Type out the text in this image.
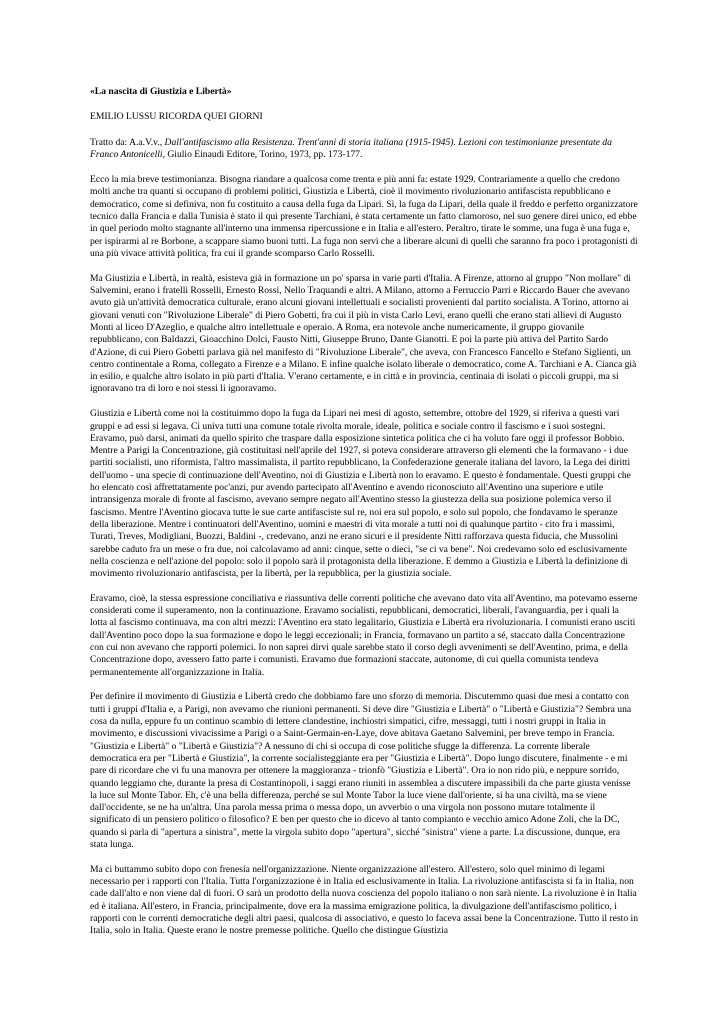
«La nascita di Giustizia e Libertà»

EMILIO LUSSU RICORDA QUEI GIORNI

Tratto da: A.a.V.v., Dall'antifascismo alla Resistenza. Trent'anni di storia italiana (1915-1945). Lezioni con testimonianze presentate da Franco Antonicelli, Giulio Einaudi Editore, Torino, 1973, pp. 173-177.

Ecco la mia breve testimonianza. Bisogna riandare a qualcosa come trenta e più anni fa: estate 1929. Contrariamente a quello che credono molti anche tra quanti si occupano di problemi politici, Giustizia e Libertà, cioè il movimento rivoluzionario antifascista repubblicano e democratico, come si definiva, non fu costituito a causa della fuga da Lipari. Sì, la fuga da Lipari, della quale il freddo e perfetto organizzatore tecnico dalla Francia e dalla Tunisia è stato il qui presente Tarchiani, è stata certamente un fatto clamoroso, nel suo genere direi unico, ed ebbe in quel periodo molto stagnante all'interno una immensa ripercussione e in Italia e all'estero. Peraltro, tirate le somme, una fuga è una fuga e, per ispirarmi al re Borbone, a scappare siamo buoni tutti. La fuga non servì che a liberare alcuni di quelli che saranno fra poco i protagonisti di una più vivace attività politica, fra cui il grande scomparso Carlo Rosselli.

Ma Giustizia e Libertà, in realtà, esisteva già in formazione un po' sparsa in varie parti d'Italia. A Firenze, attorno al gruppo "Non mollare" di Salvemini, erano i fratelli Rosselli, Ernesto Rossi, Nello Traquandi e altri. A Milano, attorno a Ferruccio Parri e Riccardo Bauer che avevano avuto già un'attività democratica culturale, erano alcuni giovani intellettuali e socialisti provenienti dal partito socialista. A Torino, attorno ai giovani venuti con "Rivoluzione Liberale" di Piero Gobetti, fra cui il più in vista Carlo Levi, erano quelli che erano stati allievi di Augusto Monti al liceo D'Azeglio, e qualche altro intellettuale e operaio. A Roma, era notevole anche numericamente, il gruppo giovanile repubblicano, con Baldazzi, Gioacchino Dolci, Fausto Nitti, Giuseppe Bruno, Dante Gianotti. E poi la parte più attiva del Partito Sardo d'Azione, di cui Piero Gobetti parlava già nel manifesto di "Rivoluzione Liberale", che aveva, con Francesco Fancello e Stefano Siglienti, un centro continentale a Roma, collegato a Firenze e a Milano. E infine qualche isolato liberale o democratico, come A. Tarchiani e A. Cianca già in esilio, e qualche altro isolato in più parti d'Italia. V'erano certamente, e in città e in provincia, centinaia di isolati o piccoli gruppi, ma si ignoravano tra di loro e noi stessi li ignoravamo.

Giustizia e Libertà come noi la costituimmo dopo la fuga da Lipari nei mesi di agosto, settembre, ottobre del 1929, si riferiva a questi vari gruppi e ad essi si legava. Ci univa tutti una comune totale rivolta morale, ideale, politica e sociale contro il fascismo e i suoi sostegni. Eravamo, può darsi, animati da quello spirito che traspare dalla esposizione sintetica politica che ci ha voluto fare oggi il professor Bobbio. Mentre a Parigi la Concentrazione, già costituitasi nell'aprile del 1927, si poteva considerare attraverso gli elementi che la formavano - i due partiti socialisti, uno riformista, l'altro massimalista, il partito repubblicano, la Confederazione generale italiana del lavoro, la Lega dei diritti dell'uomo - una specie di continuazione dell'Aventino, noi di Giustizia e Libertà non lo eravamo. E questo è fondamentale. Questi gruppi che ho elencato così affrettatamente poc'anzi, pur avendo partecipato all'Aventino e avendo riconosciuto all'Aventino una superiore e utile intransigenza morale di fronte al fascismo, avevano sempre negato all'Aventino stesso la giustezza della sua posizione polemica verso il fascismo. Mentre l'Aventino giocava tutte le sue carte antifasciste sul re, noi era sul popolo, e solo sul popolo, che fondavamo le speranze della liberazione. Mentre i continuatori dell'Aventino, uomini e maestri di vita morale a tutti noi di qualunque partito - cito fra i massimi, Turati, Treves, Modigliani, Buozzi, Baldini -, credevano, anzi ne erano sicuri e il presidente Nitti rafforzava questa fiducia, che Mussolini sarebbe caduto fra un mese o fra due, noi calcolavamo ad anni: cinque, sette o dieci, "se ci va bene". Noi credevamo solo ed esclusivamente nella coscienza e nell'azione del popolo: solo il popolo sarà il protagonista della liberazione. E demmo a Giustizia e Libertà la definizione di movimento rivoluzionario antifascista, per la libertà, per la repubblica, per la giustizia sociale.

Eravamo, cioè, la stessa espressione conciliativa e riassuntiva delle correnti politiche che avevano dato vita all'Aventino, ma potevamo esserne considerati come il superamento, non la continuazione. Eravamo socialisti, repubblicani, democratici, liberali, l'avanguardia, per i quali la lotta al fascismo continuava, ma con altri mezzi: l'Aventino era stato legalitario, Giustizia e Libertà era rivoluzionaria. I comunisti erano usciti dall'Aventino poco dopo la sua formazione e dopo le leggi eccezionali; in Francia, formavano un partito a sé, staccato dalla Concentrazione con cui non avevano che rapporti polemici. Io non saprei dirvi quale sarebbe stato il corso degli avvenimenti se dell'Aventino, prima, e della Concentrazione dopo, avessero fatto parte i comunisti. Eravamo due formazioni staccate, autonome, di cui quella comunista tendeva permanentemente all'organizzazione in Italia.

Per definire il movimento di Giustizia e Libertà credo che dobbiamo fare uno sforzo di memoria. Discutemmo quasi due mesi a contatto con tutti i gruppi d'Italia e, a Parigi, non avevamo che riunioni permanenti. Si deve dire "Giustizia e Libertà" o "Libertà e Giustizia"? Sembra una cosa da nulla, eppure fu un continuo scambio di lettere clandestine, inchiostri simpatici, cifre, messaggi, tutti i nostri gruppi in Italia in movimento, e discussioni vivacissime a Parigi o a Saint-Germain-en-Laye, dove abitava Gaetano Salvemini, per breve tempo in Francia. "Giustizia e Libertà" o "Libertà e Giustizia"? A nessuno di chi si occupa di cose politiche sfugge la differenza. La corrente liberale democratica era per "Libertà e Giustizia", la corrente socialisteggiante era per "Giustizia e Libertà". Dopo lungo discutere, finalmente - e mi pare di ricordare che vi fu una manovra per ottenere la maggioranza - trionfò "Giustizia e Libertà". Ora io non rido più, e neppure sorrido, quando leggiamo che, durante la presa di Costantinopoli, i saggi erano riuniti in assemblea a discutere impassibili da che parte giusta venisse la luce sul Monte Tabor. Eh, c'è una bella differenza, perché se sul Monte Tabor la luce viene dall'oriente, si ha una civiltà, ma se viene dall'occidente, se ne ha un'altra. Una parola messa prima o messa dopo, un avverbio o una virgola non possono mutare totalmente il significato di un pensiero politico o filosofico? E ben per questo che io dicevo al tanto compianto e vecchio amico Adone Zoli, che la DC, quando si parla di "apertura a sinistra", mette la virgola subito dopo "apertura", sicché "sinistra" viene a parte. La discussione, dunque, era stata lunga.

Ma ci buttammo subito dopo con frenesia nell'organizzazione. Niente organizzazione all'estero. All'estero, solo quel minimo di legami necessario per i rapporti con l'Italia. Tutta l'organizzazione è in Italia ed esclusivamente in Italia. La rivoluzione antifascista si fa in Italia, non cade dall'alto e non viene dal di fuori. O sarà un prodotto della nuova coscienza del popolo italiano o non sarà niente. La rivoluzione è in Italia ed è italiana. All'estero, in Francia, principalmente, dove era la massima emigrazione politica, la divulgazione dell'antifascismo politico, i rapporti con le correnti democratiche degli altri paesi, qualcosa di associativo, e questo lo faceva assai bene la Concentrazione. Tutto il resto in Italia, solo in Italia. Queste erano le nostre premesse politiche. Quello che distingue Giustizia
